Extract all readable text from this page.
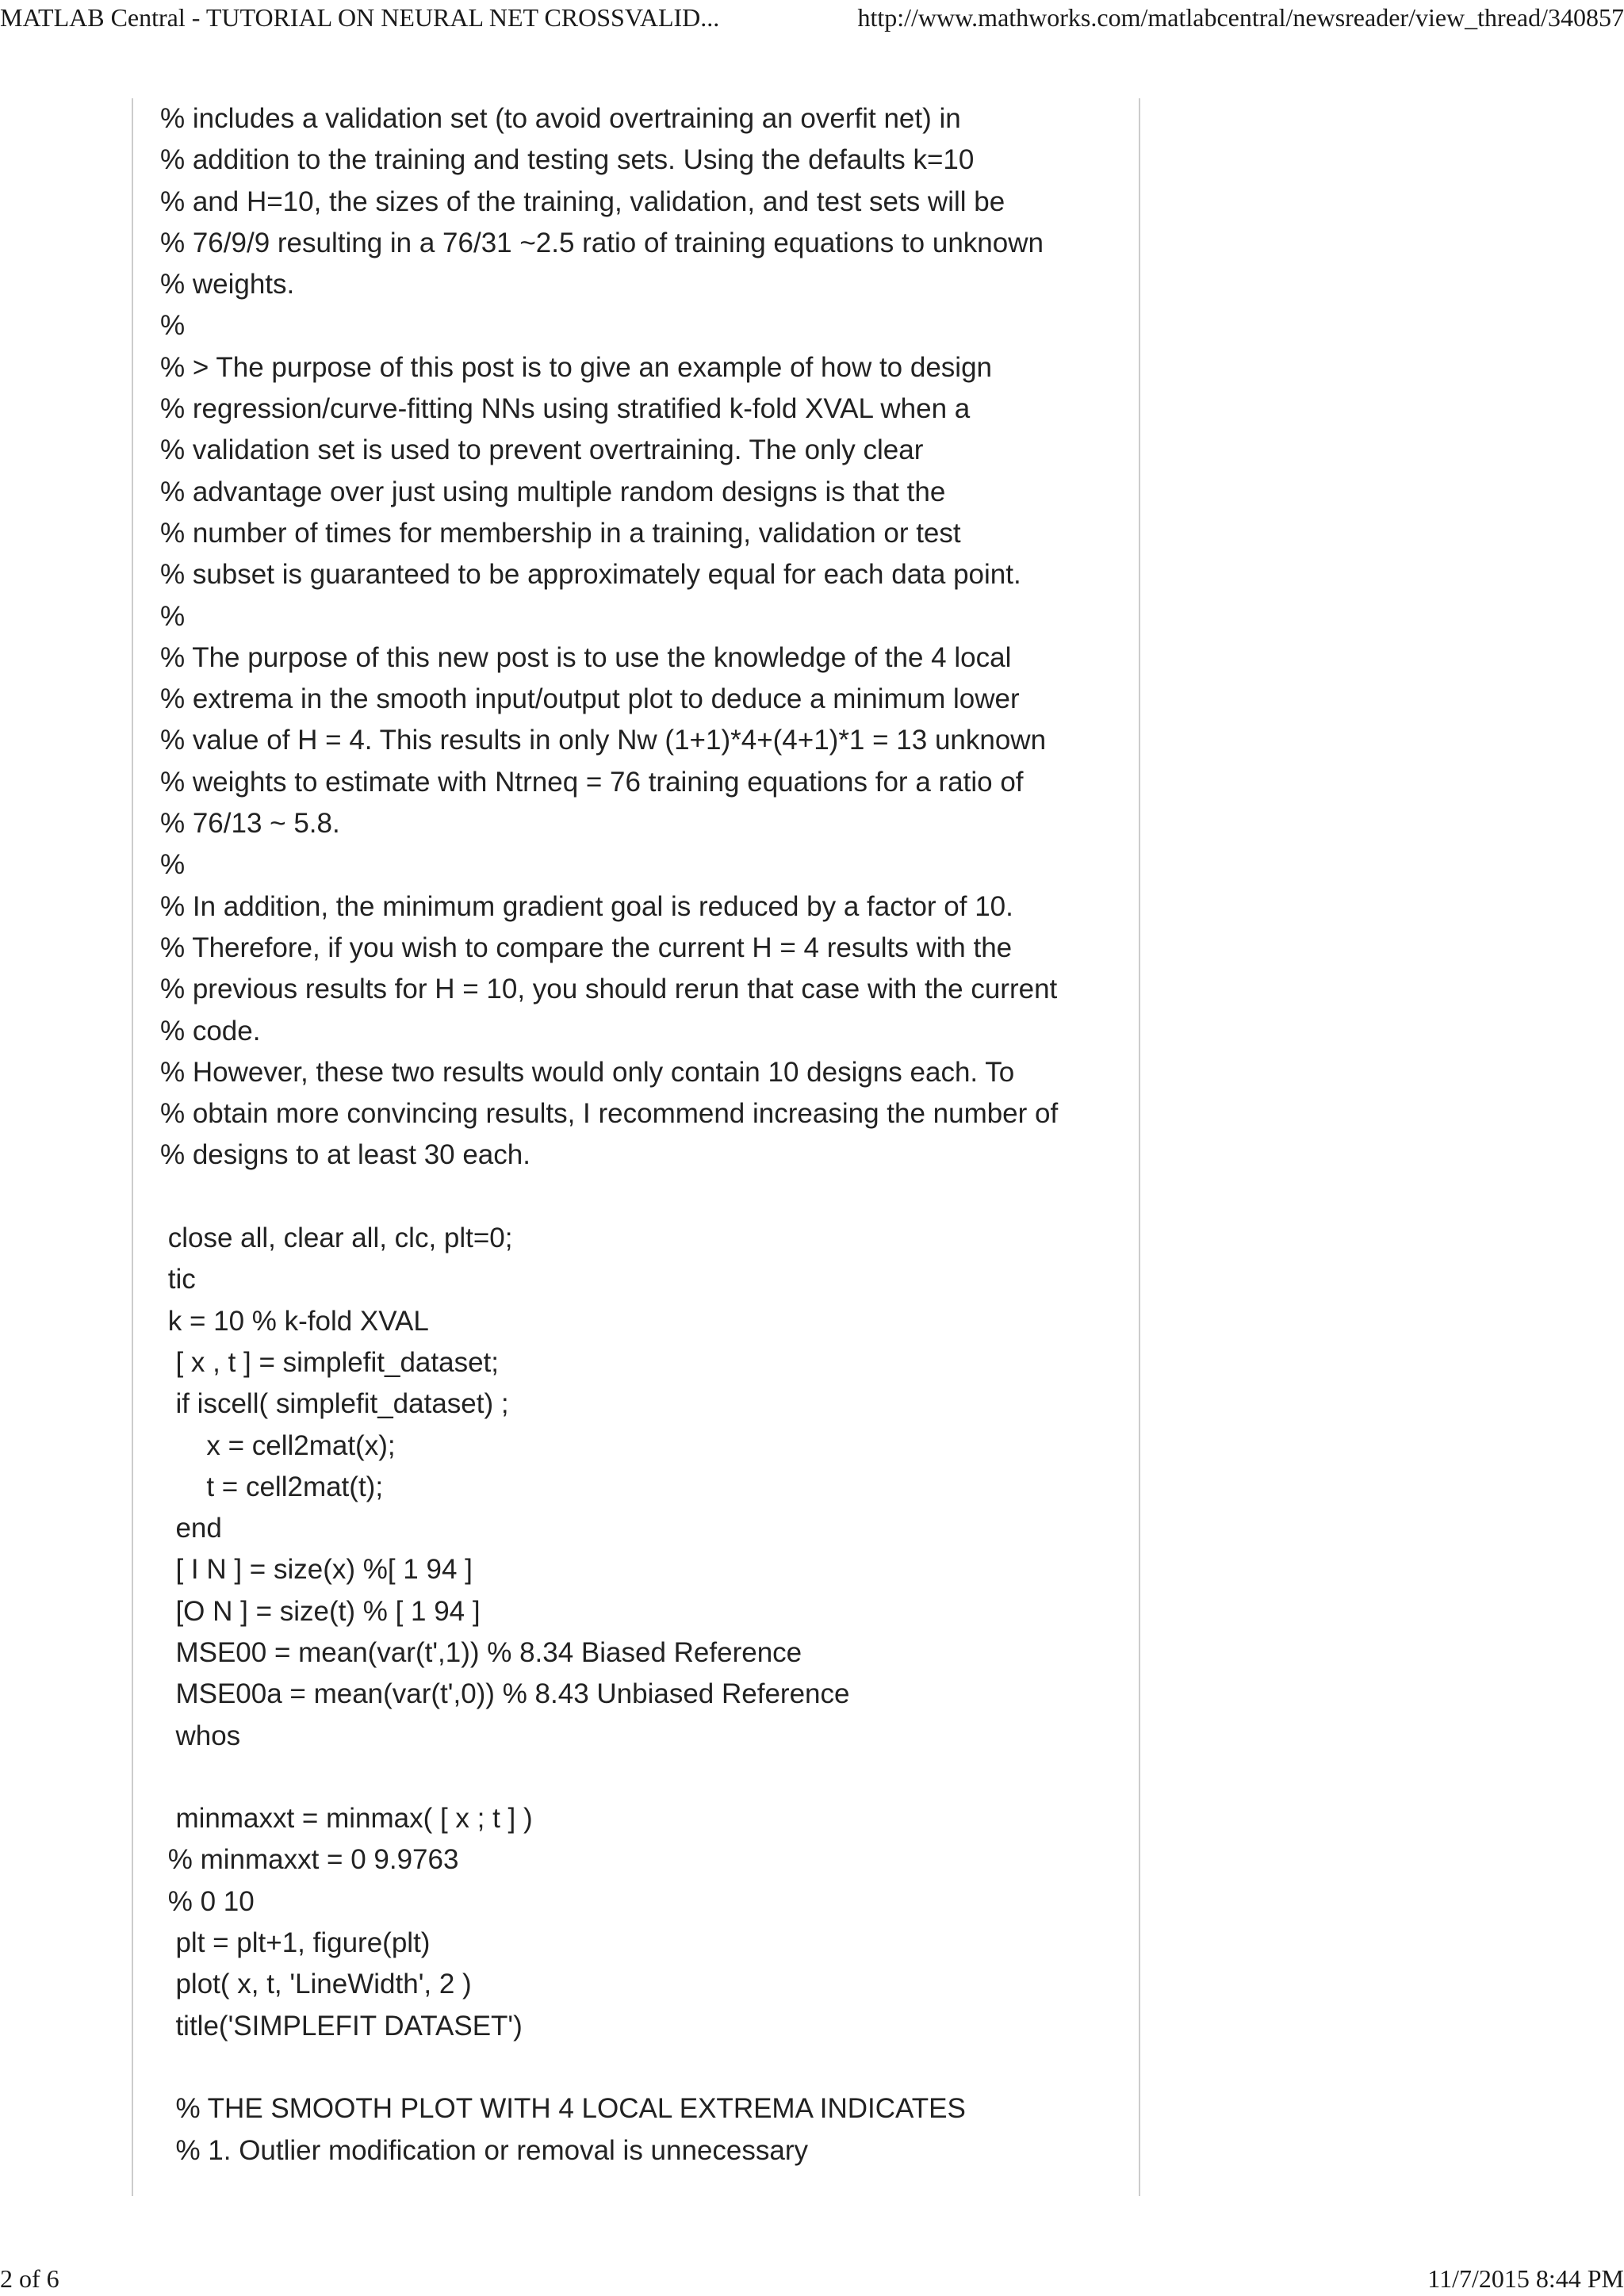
MATLAB Central - TUTORIAL ON NEURAL NET CROSSVALID...	http://www.mathworks.com/matlabcentral/newsreader/view_thread/340857
% includes a validation set (to avoid overtraining an overfit net) in
% addition to the training and testing sets. Using the defaults k=10
% and H=10, the sizes of the training, validation, and test sets will be
% 76/9/9 resulting in a 76/31 ~2.5 ratio of training equations to unknown
% weights.
%
% > The purpose of this post is to give an example of how to design
% regression/curve-fitting NNs using stratified k-fold XVAL when a
% validation set is used to prevent overtraining. The only clear
% advantage over just using multiple random designs is that the
% number of times for membership in a training, validation or test
% subset is guaranteed to be approximately equal for each data point.
%
% The purpose of this new post is to use the knowledge of the 4 local
% extrema in the smooth input/output plot to deduce a minimum lower
% value of H = 4. This results in only Nw (1+1)*4+(4+1)*1 = 13 unknown
% weights to estimate with Ntrneq = 76 training equations for a ratio of
% 76/13 ~ 5.8.
%
% In addition, the minimum gradient goal is reduced by a factor of 10.
% Therefore, if you wish to compare the current H = 4 results with the
% previous results for H = 10, you should rerun that case with the current
% code.
% However, these two results would only contain 10 designs each. To
% obtain more convincing results, I recommend increasing the number of
% designs to at least 30 each.
close all, clear all, clc, plt=0;
tic
k = 10 % k-fold XVAL
[ x , t ] = simplefit_dataset;
if iscell( simplefit_dataset) ;
x = cell2mat(x);
t = cell2mat(t);
end
[ I N ] = size(x) %[ 1 94 ]
[O N ] = size(t) % [ 1 94 ]
MSE00 = mean(var(t',1)) % 8.34 Biased Reference
MSE00a = mean(var(t',0)) % 8.43 Unbiased Reference
whos
minmaxxt = minmax( [ x ; t ] )
% minmaxxt = 0 9.9763
% 0 10
plt = plt+1, figure(plt)
plot( x, t, 'LineWidth', 2 )
title('SIMPLEFIT DATASET')
% THE SMOOTH PLOT WITH 4 LOCAL EXTREMA INDICATES
% 1. Outlier modification or removal is unnecessary
2 of 6	11/7/2015 8:44 PM
